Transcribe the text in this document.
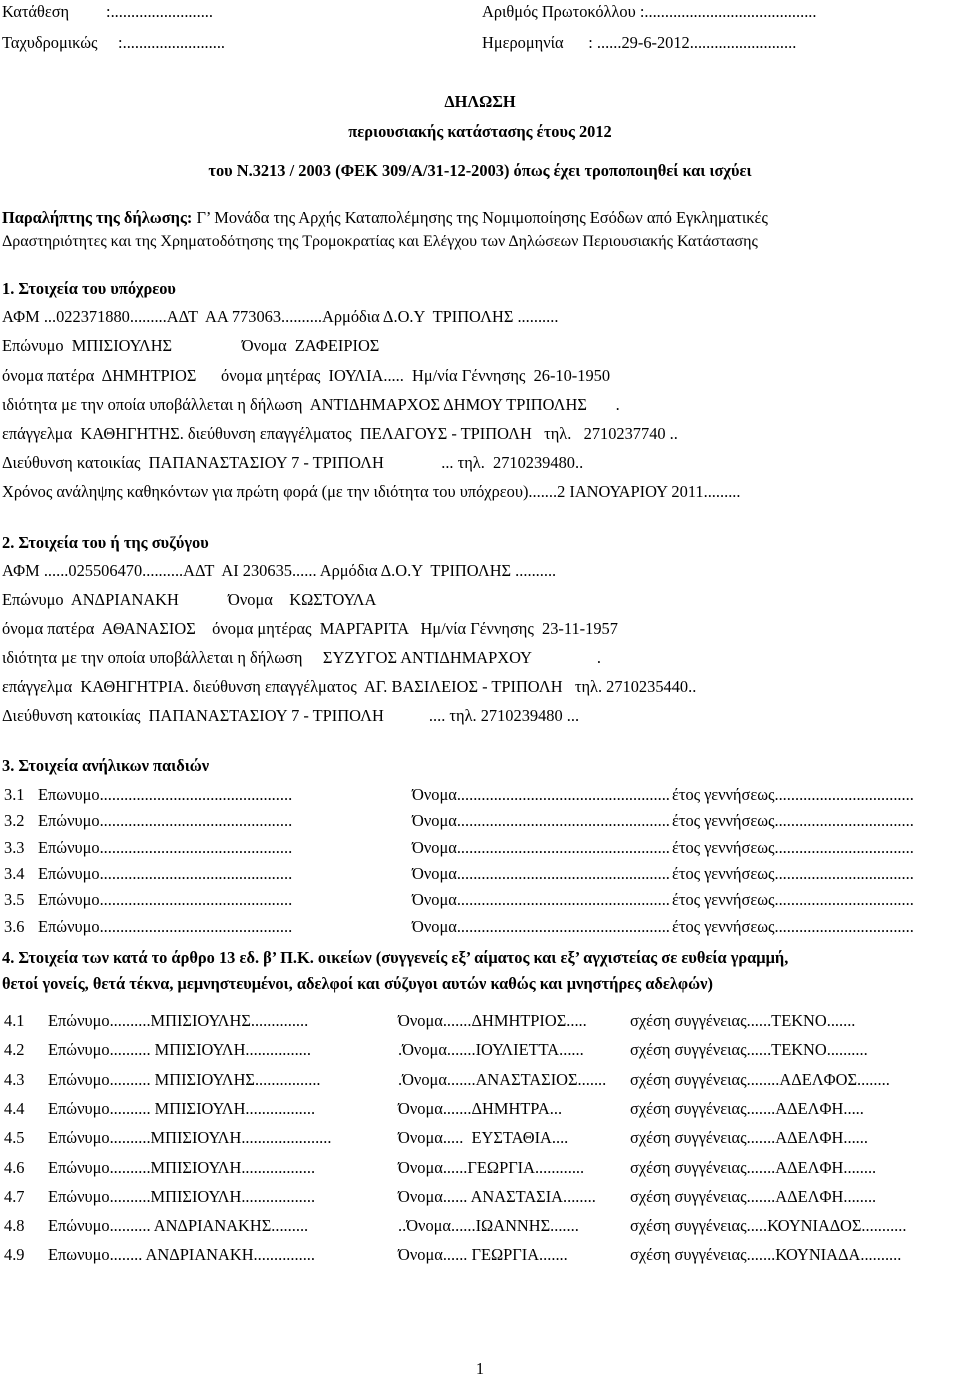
Κατάθεση         :.........................	Αριθμός Πρωτοκόλλου :..........................................
Ταχυδρομικώς     :.........................	Ημερομηνία      : ......29-6-2012..........................
ΔΗΛΩΣΗ
περιουσιακής κατάστασης έτους 2012
του Ν.3213 / 2003 (ΦΕΚ 309/Α/31-12-2003) όπως έχει τροποποιηθεί και ισχύει
Παραλήπτης της δήλωσης: Γ’ Μονάδα της Αρχής Καταπολέμησης της Νομιμοποίησης Εσόδων από Εγκληματικές
Δραστηριότητες και της Χρηματοδότησης της Τρομοκρατίας και Ελέγχου των Δηλώσεων Περιουσιακής Κατάστασης
1. Στοιχεία του υπόχρεου
ΑΦΜ ...022371880.........ΑΔΤ  ΑΑ 773063..........Αρμόδια Δ.Ο.Υ  ΤΡΙΠΟΛΗΣ ..........
Επώνυμο  ΜΠΙΣΙΟΥΛΗΣ                 Όνομα  ΖΑΦΕΙΡΙΟΣ
όνομα πατέρα  ΔΗΜΗΤΡΙΟΣ      όνομα μητέρας  ΙΟΥΛΙΑ.....  Ημ/νία Γέννησης  26-10-1950
ιδιότητα με την οποία υποβάλλεται η δήλωση  ΑΝΤΙΔΗΜΑΡΧΟΣ ΔΗΜΟΥ ΤΡΙΠΟΛΗΣ       .
επάγγελμα  ΚΑΘΗΓΗΤΗΣ. διεύθυνση επαγγέλματος  ΠΕΛΑΓΟΥΣ - ΤΡΙΠΟΛΗ   τηλ.   2710237740 ..
Διεύθυνση κατοικίας  ΠΑΠΑΝΑΣΤΑΣΙΟΥ 7 - ΤΡΙΠΟΛΗ              ... τηλ.  2710239480..
Χρόνος ανάληψης καθηκόντων για πρώτη φορά (με την ιδιότητα του υπόχρεου).......2 ΙΑΝΟΥΑΡΙΟΥ 2011.........
2. Στοιχεία του ή της συζύγου
ΑΦΜ ......025506470..........ΑΔΤ  ΑΙ 230635...... Αρμόδια Δ.Ο.Υ  ΤΡΙΠΟΛΗΣ ..........
Επώνυμο  ΑΝΔΡΙΑΝΑΚΗ            Όνομα    ΚΩΣΤΟΥΛΑ
όνομα πατέρα  ΑΘΑΝΑΣΙΟΣ    όνομα μητέρας  ΜΑΡΓΑΡΙΤΑ   Ημ/νία Γέννησης  23-11-1957
ιδιότητα με την οποία υποβάλλεται η δήλωση     ΣΥΖΥΓΟΣ ΑΝΤΙΔΗΜΑΡΧΟΥ                .
επάγγελμα  ΚΑΘΗΓΗΤΡΙΑ. διεύθυνση επαγγέλματος  ΑΓ. ΒΑΣΙΛΕΙΟΣ - ΤΡΙΠΟΛΗ   τηλ. 2710235440..
Διεύθυνση κατοικίας  ΠΑΠΑΝΑΣΤΑΣΙΟΥ 7 - ΤΡΙΠΟΛΗ           .... τηλ. 2710239480 ...
3. Στοιχεία ανήλικων παιδιών
3.1 Επωνυμο...............................................	Όνομα.................................................... έτος γεννήσεως..................................
3.2 Επώνυμο...............................................	Όνομα.................................................... έτος γεννήσεως..................................
3.3 Επώνυμο...............................................	Όνομα.................................................... έτος γεννήσεως..................................
3.4 Επώνυμο...............................................	Όνομα.................................................... έτος γεννήσεως..................................
3.5 Επώνυμο...............................................	Όνομα.................................................... έτος γεννήσεως..................................
3.6 Επώνυμο...............................................	Όνομα.................................................... έτος γεννήσεως..................................
4. Στοιχεία των κατά το άρθρο 13 εδ. β’ Π.Κ. οικείων (συγγενείς εξ’ αίματος και εξ’ αγχιστείας σε ευθεία γραμμή,
θετοί γονείς, θετά τέκνα, μεμνηστευμένοι, αδελφοί και σύζυγοι αυτών καθώς και μνηστήρες αδελφών)
4.1 Επώνυμο..........ΜΠΙΣΙΟΥΛΗΣ..............	Όνομα.......ΔΗΜΗΤΡΙΟΣ.....	σχέση συγγένειας......ΤΕΚΝΟ.......
4.2 Επώνυμο.......... ΜΠΙΣΙΟΥΛΗ................	.Όνομα.......ΙΟΥΛΙΕΤΤΑ......	σχέση συγγένειας......ΤΕΚΝΟ..........
4.3 Επώνυμο.......... ΜΠΙΣΙΟΥΛΗΣ................	.Όνομα.......ΑΝΑΣΤΑΣΙΟΣ....... σχέση συγγένειας........ΑΔΕΛΦΟΣ........
4.4 Επώνυμο.......... ΜΠΙΣΙΟΥΛΗ.................	Όνομα.......ΔΗΜΗΤΡΑ...	σχέση συγγένειας.......ΑΔΕΛΦΗ.....
4.5 Επώνυμο..........ΜΠΙΣΙΟΥΛΗ......................	Όνομα.....  ΕΥΣΤΑΘΙΑ....	σχέση συγγένειας.......ΑΔΕΛΦΗ......
4.6 Επώνυμο..........ΜΠΙΣΙΟΥΛΗ..................	Όνομα......ΓΕΩΡΓΙΑ............	σχέση συγγένειας.......ΑΔΕΛΦΗ........
4.7 Επώνυμο..........ΜΠΙΣΙΟΥΛΗ..................	Όνομα...... ΑΝΑΣΤΑΣΙΑ........ σχέση συγγένειας.......ΑΔΕΛΦΗ........
4.8 Επώνυμο.......... ΑΝΔΡΙΑΝΑΚΗΣ.........	..Όνομα......ΙΩΑΝΝΗΣ.......	σχέση συγγένειας.....ΚΟΥΝΙΑΔΟΣ...........
4.9 Επωνυμο........ ΑΝΔΡΙΑΝΑΚΗ...............	Όνομα...... ΓΕΩΡΓΙΑ.......	σχέση συγγένειας.......ΚΟΥΝΙΑΔΑ..........
1
